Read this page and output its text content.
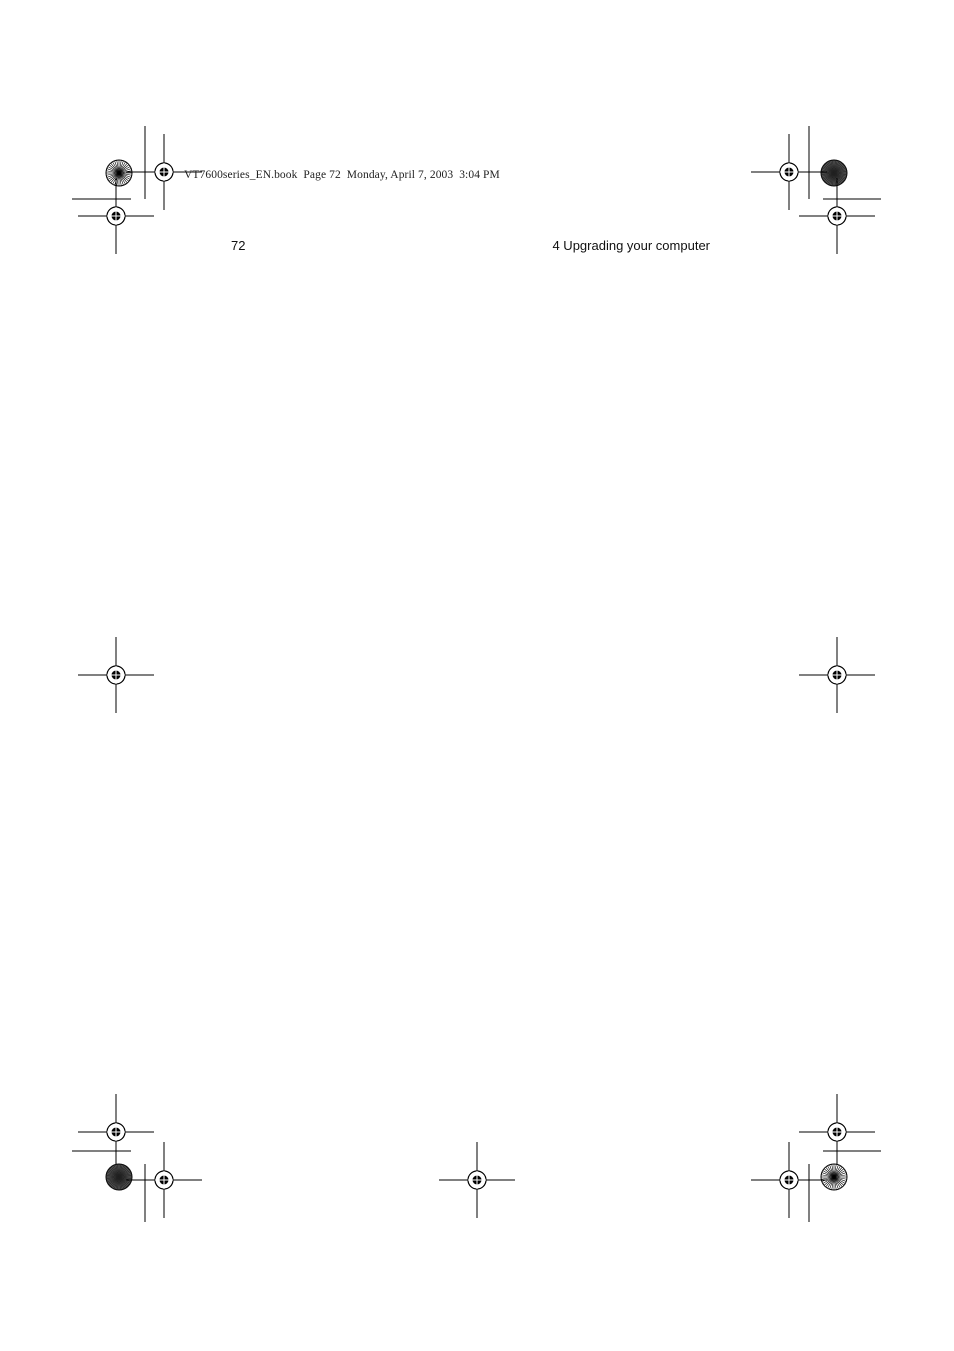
VT7600series_EN.book  Page 72  Monday, April 7, 2003  3:04 PM
72	4 Upgrading your computer
